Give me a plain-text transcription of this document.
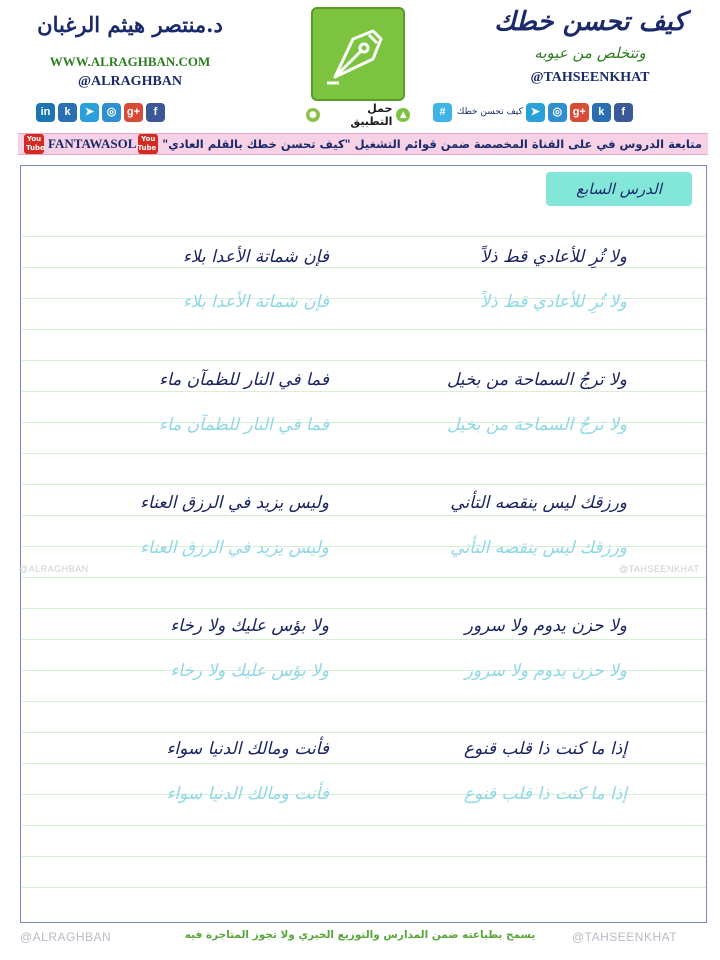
د.منتصر هيثم الرغبان
WWW.ALRAGHBAN.COM
@ALRAGHBAN
▲
حمل التطبيق
●
كيف تحسن خطك
وتتخلص من عيوبه
@TAHSEENKHAT
in	k	➤	◎ g+	f	#	كيف تحسن خطك ➤	◎ g+	k	f
You Tube FANTAWASOL متابعة الدروس في على القناة المخصصة ضمن قوائم التشغيل "كيف تحسن خطك بالقلم العادي"
You Tube
الدرس السابع
@ALRAGHBAN	@TAHSEENKHAT
ولا تُرِ للأعادي قط ذلاً
فإن شماتة الأعدا بلاء
ولا تُرِ للأعادي قط ذلاً
فإن شماتة الأعدا بلاء
ولا ترجُ السماحة من بخيل
فما في النار للظمآن ماء
ولا ترجُ السماحة من بخيل
فما في النار للظمآن ماء
ورزقك ليس ينقصه التأني
وليس يزيد في الرزق العناء
ورزقك ليس ينقصه التأني
وليس يزيد في الرزق العناء
ولا حزن يدوم ولا سرور
ولا بؤس عليك ولا رخاء
ولا حزن يدوم ولا سرور
ولا بؤس عليك ولا رخاء
إذا ما كنت ذا قلب قنوع
فأنت ومالك الدنيا سواء
إذا ما كنت ذا قلب قنوع
فأنت ومالك الدنيا سواء
@ALRAGHBAN	يسمح بطباعته ضمن المدارس والتوزيع الخيري ولا تجوز المتاجرة فيه	@TAHSEENKHAT
